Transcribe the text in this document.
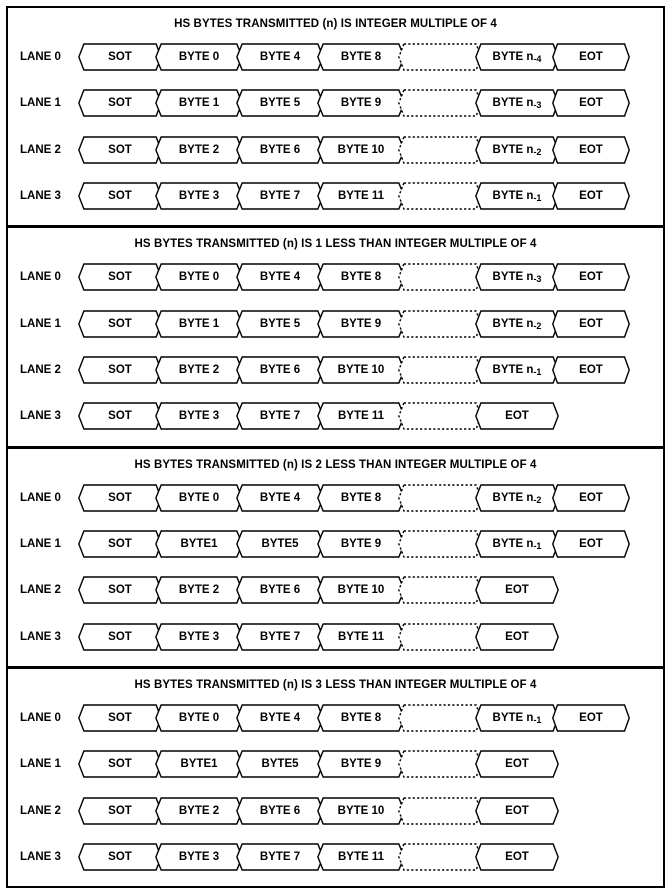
HS BYTES TRANSMITTED (n) IS INTEGER MULTIPLE OF 4
LANE 0	SOT	BYTE 0	BYTE 4	BYTE 8	BYTE $n_{-4}$	EOT
LANE 1	SOT	BYTE 1	BYTE 5	BYTE 9	BYTE $n_{-3}$	EOT
LANE 2	SOT	BYTE 2	BYTE 6	BYTE 10	BYTE $n_{-2}$	EOT
LANE 3	SOT	BYTE 3	BYTE 7	BYTE 11	BYTE $n_{-1}$	EOT
HS BYTES TRANSMITTED (n) IS 1 LESS THAN INTEGER MULTIPLE OF 4
LANE 0	SOT	BYTE 0	BYTE 4	BYTE 8	BYTE $n_{-3}$	EOT
LANE 1	SOT	BYTE 1	BYTE 5	BYTE 9	BYTE $n_{-2}$	EOT
LANE 2	SOT	BYTE 2	BYTE 6	BYTE 10	BYTE $n_{-1}$	EOT
LANE 3	SOT	BYTE 3	BYTE 7	BYTE 11	EOT
HS BYTES TRANSMITTED (n) IS 2 LESS THAN INTEGER MULTIPLE OF 4
LANE 0	SOT	BYTE 0	BYTE 4	BYTE 8	BYTE $n_{-2}$	EOT
LANE 1	SOT	BYTE1	BYTE5	BYTE 9	BYTE $n_{-1}$	EOT
LANE 2	SOT	BYTE 2	BYTE 6	BYTE 10	EOT
LANE 3	SOT	BYTE 3	BYTE 7	BYTE 11	EOT
HS BYTES TRANSMITTED (n) IS 3 LESS THAN INTEGER MULTIPLE OF 4
LANE 0	SOT	BYTE 0	BYTE 4	BYTE 8	BYTE $n_{-1}$	EOT
LANE 1	SOT	BYTE1	BYTE5	BYTE 9	EOT
LANE 2	SOT	BYTE 2	BYTE 6	BYTE 10	EOT
LANE 3	SOT	BYTE 3	BYTE 7	BYTE 11	EOT
